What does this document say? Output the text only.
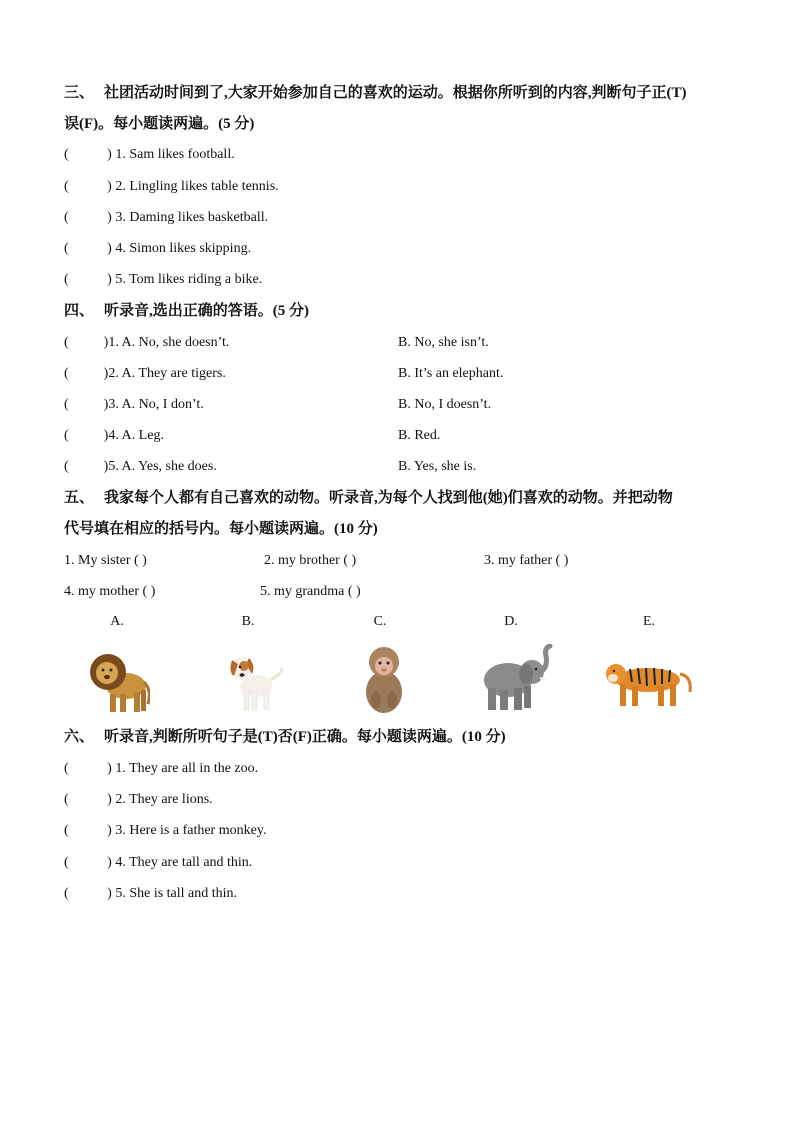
三、 社团活动时间到了,大家开始参加自己的喜欢的运动。根据你所听到的内容,判断句子正(T)
误(F)。每小题读两遍。(5 分)
(           ) 1. Sam likes football.
(           ) 2. Lingling likes table tennis.
(           ) 3. Daming likes basketball.
(           ) 4. Simon likes skipping.
(           ) 5. Tom likes riding a bike.
四、 听录音,选出正确的答语。(5 分)
(          )1. A. No, she doesn’t.	B. No, she isn’t.
(          )2. A. They are tigers.	B. It’s an elephant.
(          )3. A. No, I don’t.	B. No, I doesn’t.
(          )4. A. Leg.	B. Red.
(          )5. A. Yes, she does.	B. Yes, she is.
五、 我家每个人都有自己喜欢的动物。听录音,为每个人找到他(她)们喜欢的动物。并把动物
代号填在相应的括号内。每小题读两遍。(10 分)
1. My sister ( )	2. my brother ( )	3. my father ( )
4. my mother ( )	5. my grandma ( )
A.	B.	C.	D.	E.
六、 听录音,判断所听句子是(T)否(F)正确。每小题读两遍。(10 分)
(           ) 1. They are all in the zoo.
(           ) 2. They are lions.
(           ) 3. Here is a father monkey.
(           ) 4. They are tall and thin.
(           ) 5. She is tall and thin.
